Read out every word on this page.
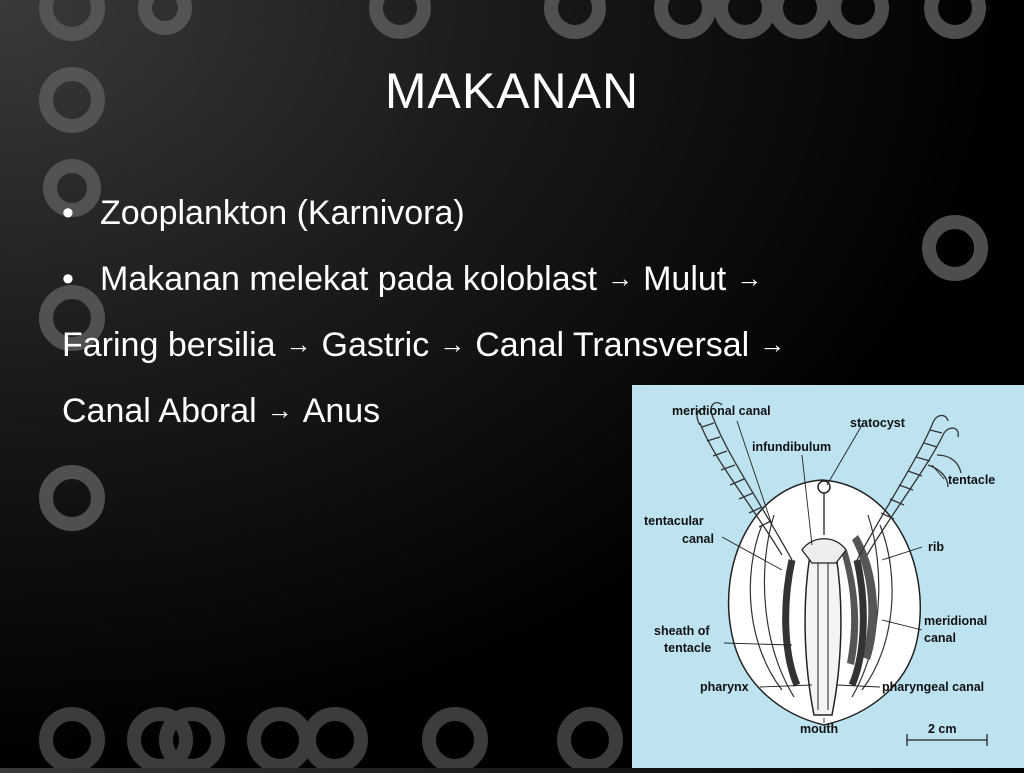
MAKANAN
• Zooplankton (Karnivora)
• Makanan melekat pada koloblast → Mulut →
Faring bersilia → Gastric → Canal Transversal →
Canal Aboral → Anus	meridional canal
statocyst
infundibulum
tentacle
tentacular
canal
rib
sheath of
tentacle
meridional
canal
pharynx	pharyngeal canal
mouth	2 cm
